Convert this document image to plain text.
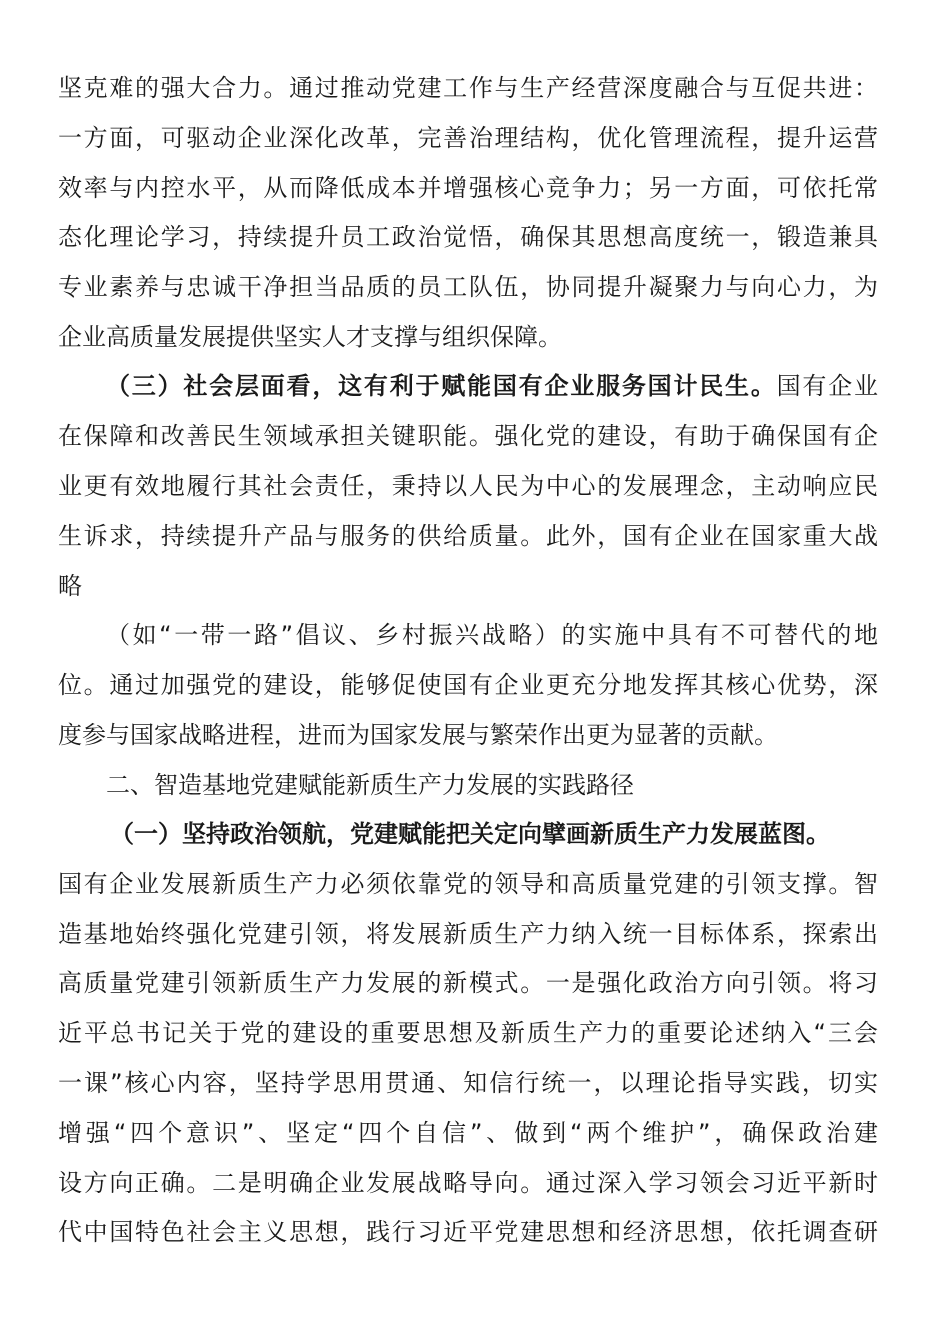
坚克难的强大合力。通过推动党建工作与生产经营深度融合与互促共进：
一方面，可驱动企业深化改革，完善治理结构，优化管理流程，提升运营
效率与内控水平，从而降低成本并增强核心竞争力；另一方面，可依托常
态化理论学习，持续提升员工政治觉悟，确保其思想高度统一，锻造兼具
专业素养与忠诚干净担当品质的员工队伍，协同提升凝聚力与向心力，为
企业高质量发展提供坚实人才支撑与组织保障。
（三）社会层面看，这有利于赋能国有企业服务国计民生。国有企业
在保障和改善民生领域承担关键职能。强化党的建设，有助于确保国有企
业更有效地履行其社会责任，秉持以人民为中心的发展理念，主动响应民
生诉求，持续提升产品与服务的供给质量。此外，国有企业在国家重大战
略
（如“一带一路”倡议、乡村振兴战略）的实施中具有不可替代的地
位。通过加强党的建设，能够促使国有企业更充分地发挥其核心优势，深
度参与国家战略进程，进而为国家发展与繁荣作出更为显著的贡献。
二、智造基地党建赋能新质生产力发展的实践路径
（一）坚持政治领航，党建赋能把关定向擘画新质生产力发展蓝图。
国有企业发展新质生产力必须依靠党的领导和高质量党建的引领支撑。智
造基地始终强化党建引领，将发展新质生产力纳入统一目标体系，探索出
高质量党建引领新质生产力发展的新模式。一是强化政治方向引领。将习
近平总书记关于党的建设的重要思想及新质生产力的重要论述纳入“三会
一课”核心内容，坚持学思用贯通、知信行统一，以理论指导实践，切实
增强“四个意识”、坚定“四个自信”、做到“两个维护”，确保政治建
设方向正确。二是明确企业发展战略导向。通过深入学习领会习近平新时
代中国特色社会主义思想，践行习近平党建思想和经济思想，依托调查研
